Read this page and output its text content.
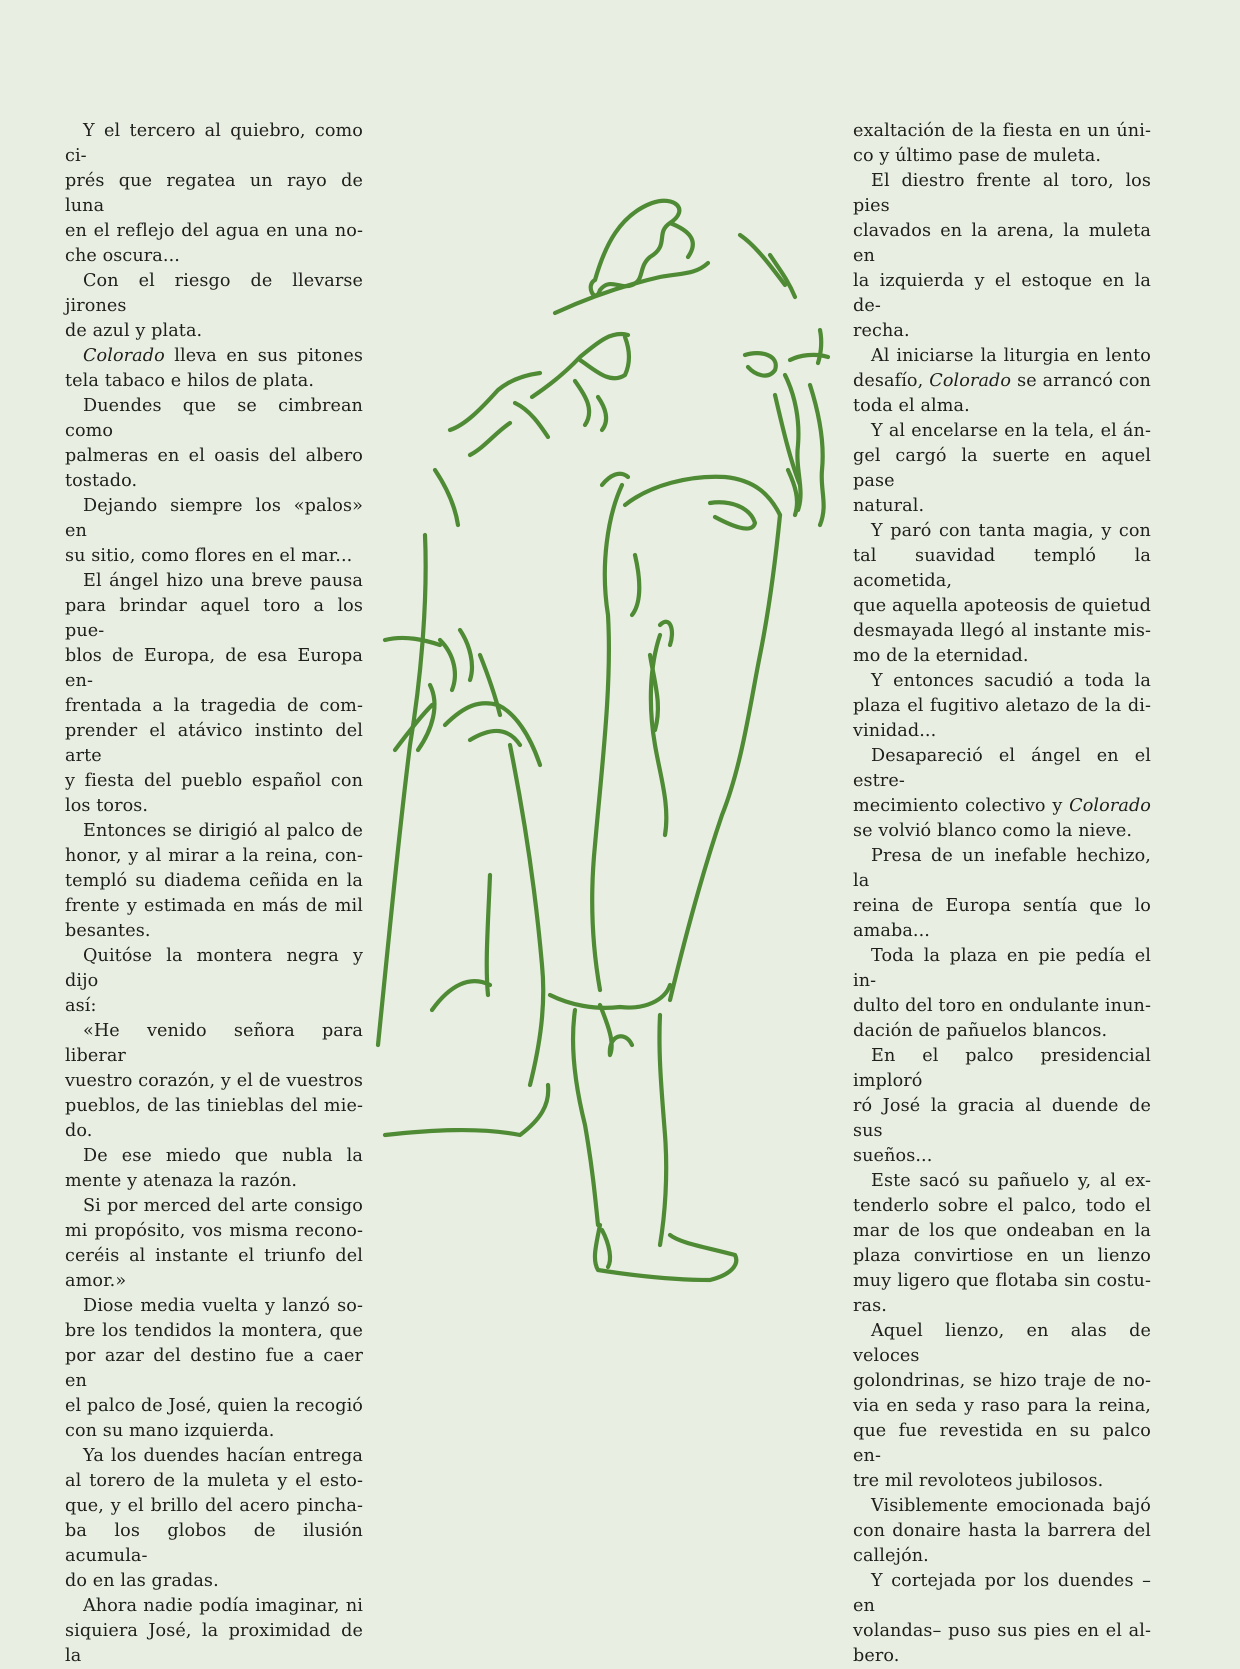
Y el tercero al quiebro, como ci-
prés que regatea un rayo de luna
en el reflejo del agua en una no-
che oscura...

Con el riesgo de llevarse jirones
de azul y plata.

Colorado lleva en sus pitones
tela tabaco e hilos de plata.

Duendes que se cimbrean como
palmeras en el oasis del albero
tostado.

Dejando siempre los «palos» en
su sitio, como flores en el mar...

El ángel hizo una breve pausa
para brindar aquel toro a los pue-
blos de Europa, de esa Europa en-
frentada a la tragedia de com-
prender el atávico instinto del arte
y fiesta del pueblo español con
los toros.

Entonces se dirigió al palco de
honor, y al mirar a la reina, con-
templó su diadema ceñida en la
frente y estimada en más de mil
besantes.

Quitóse la montera negra y dijo
así:

«He venido señora para liberar
vuestro corazón, y el de vuestros
pueblos, de las tinieblas del mie-
do.

De ese miedo que nubla la
mente y atenaza la razón.

Si por merced del arte consigo
mi propósito, vos misma recono-
ceréis al instante el triunfo del
amor.»

Diose media vuelta y lanzó so-
bre los tendidos la montera, que
por azar del destino fue a caer en
el palco de José, quien la recogió
con su mano izquierda.

Ya los duendes hacían entrega
al torero de la muleta y el esto-
que, y el brillo del acero pincha-
ba los globos de ilusión acumula-
do en las gradas.

Ahora nadie podía imaginar, ni
siquiera José, la proximidad de la

exaltación de la fiesta en un úni-
co y último pase de muleta.

El diestro frente al toro, los pies
clavados en la arena, la muleta en
la izquierda y el estoque en la de-
recha.

Al iniciarse la liturgia en lento
desafío, Colorado se arrancó con
toda el alma.

Y al encelarse en la tela, el án-
gel cargó la suerte en aquel pase
natural.

Y paró con tanta magia, y con
tal suavidad templó la acometida,
que aquella apoteosis de quietud
desmayada llegó al instante mis-
mo de la eternidad.

Y entonces sacudió a toda la
plaza el fugitivo aletazo de la di-
vinidad...

Desapareció el ángel en el estre-
mecimiento colectivo y Colorado
se volvió blanco como la nieve.

Presa de un inefable hechizo, la
reina de Europa sentía que lo
amaba...

Toda la plaza en pie pedía el in-
dulto del toro en ondulante inun-
dación de pañuelos blancos.

En el palco presidencial imploró
ró José la gracia al duende de sus
sueños...

Este sacó su pañuelo y, al ex-
tenderlo sobre el palco, todo el
mar de los que ondeaban en la
plaza convirtiose en un lienzo
muy ligero que flotaba sin costu-
ras.

Aquel lienzo, en alas de veloces
golondrinas, se hizo traje de no-
via en seda y raso para la reina,
que fue revestida en su palco en-
tre mil revoloteos jubilosos.

Visiblemente emocionada bajó
con donaire hasta la barrera del
callejón.

Y cortejada por los duendes –en
volandas– puso sus pies en el al-
bero.
